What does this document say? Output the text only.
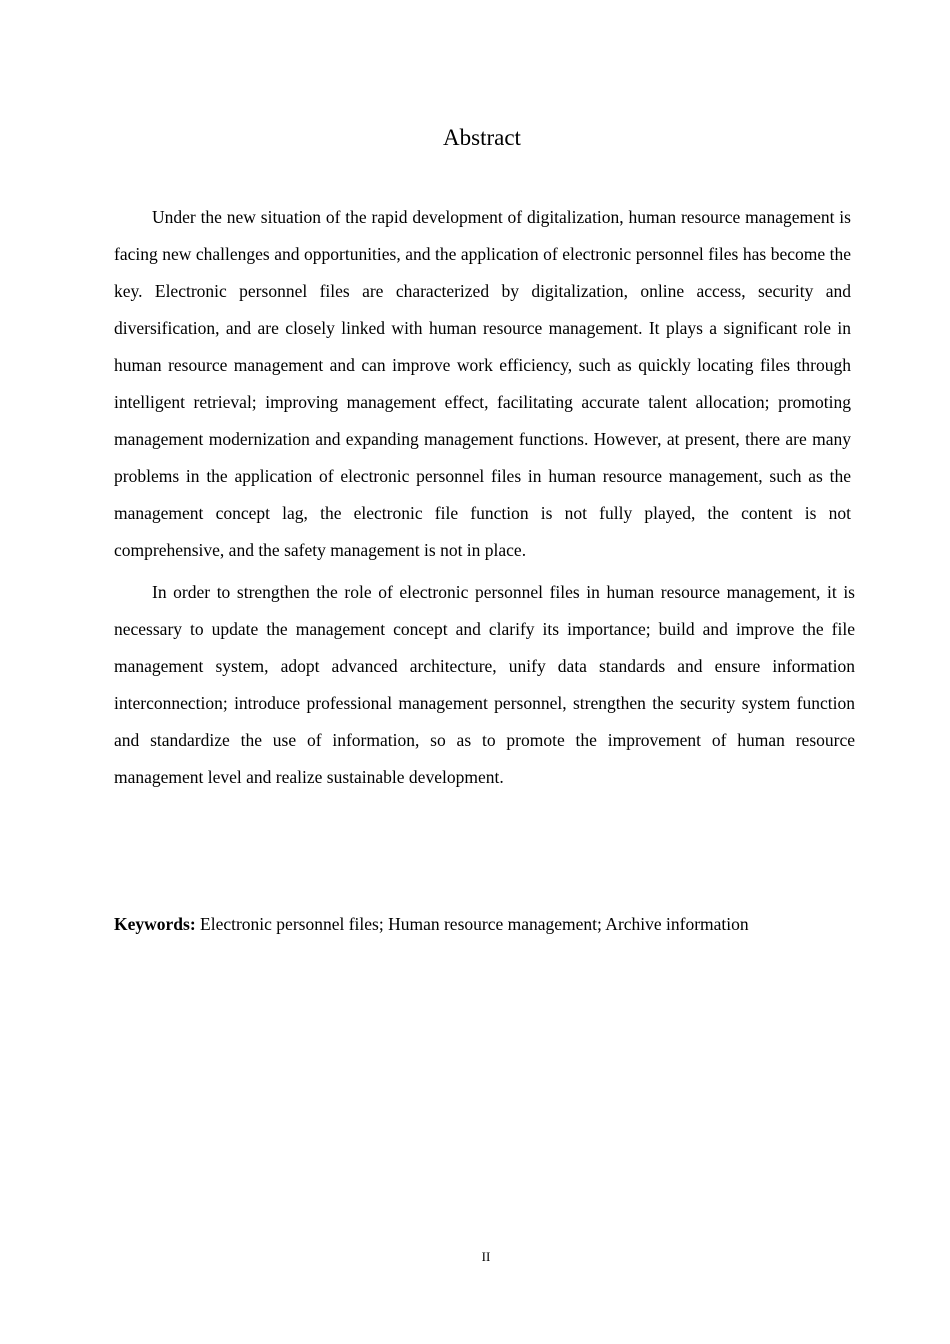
Abstract

Under the new situation of the rapid development of digitalization, human resource management is facing new challenges and opportunities, and the application of electronic personnel files has become the key. Electronic personnel files are characterized by digitalization, online access, security and diversification, and are closely linked with human resource management. It plays a significant role in human resource management and can improve work efficiency, such as quickly locating files through intelligent retrieval; improving management effect, facilitating accurate talent allocation; promoting management modernization and expanding management functions. However, at present, there are many problems in the application of electronic personnel files in human resource management, such as the management concept lag, the electronic file function is not fully played, the content is not comprehensive, and the safety management is not in place.

In order to strengthen the role of electronic personnel files in human resource management, it is necessary to update the management concept and clarify its importance; build and improve the file management system, adopt advanced architecture, unify data standards and ensure information interconnection; introduce professional management personnel, strengthen the security system function and standardize the use of information, so as to promote the improvement of human resource management level and realize sustainable development.

Keywords: Electronic personnel files; Human resource management; Archive information

II
